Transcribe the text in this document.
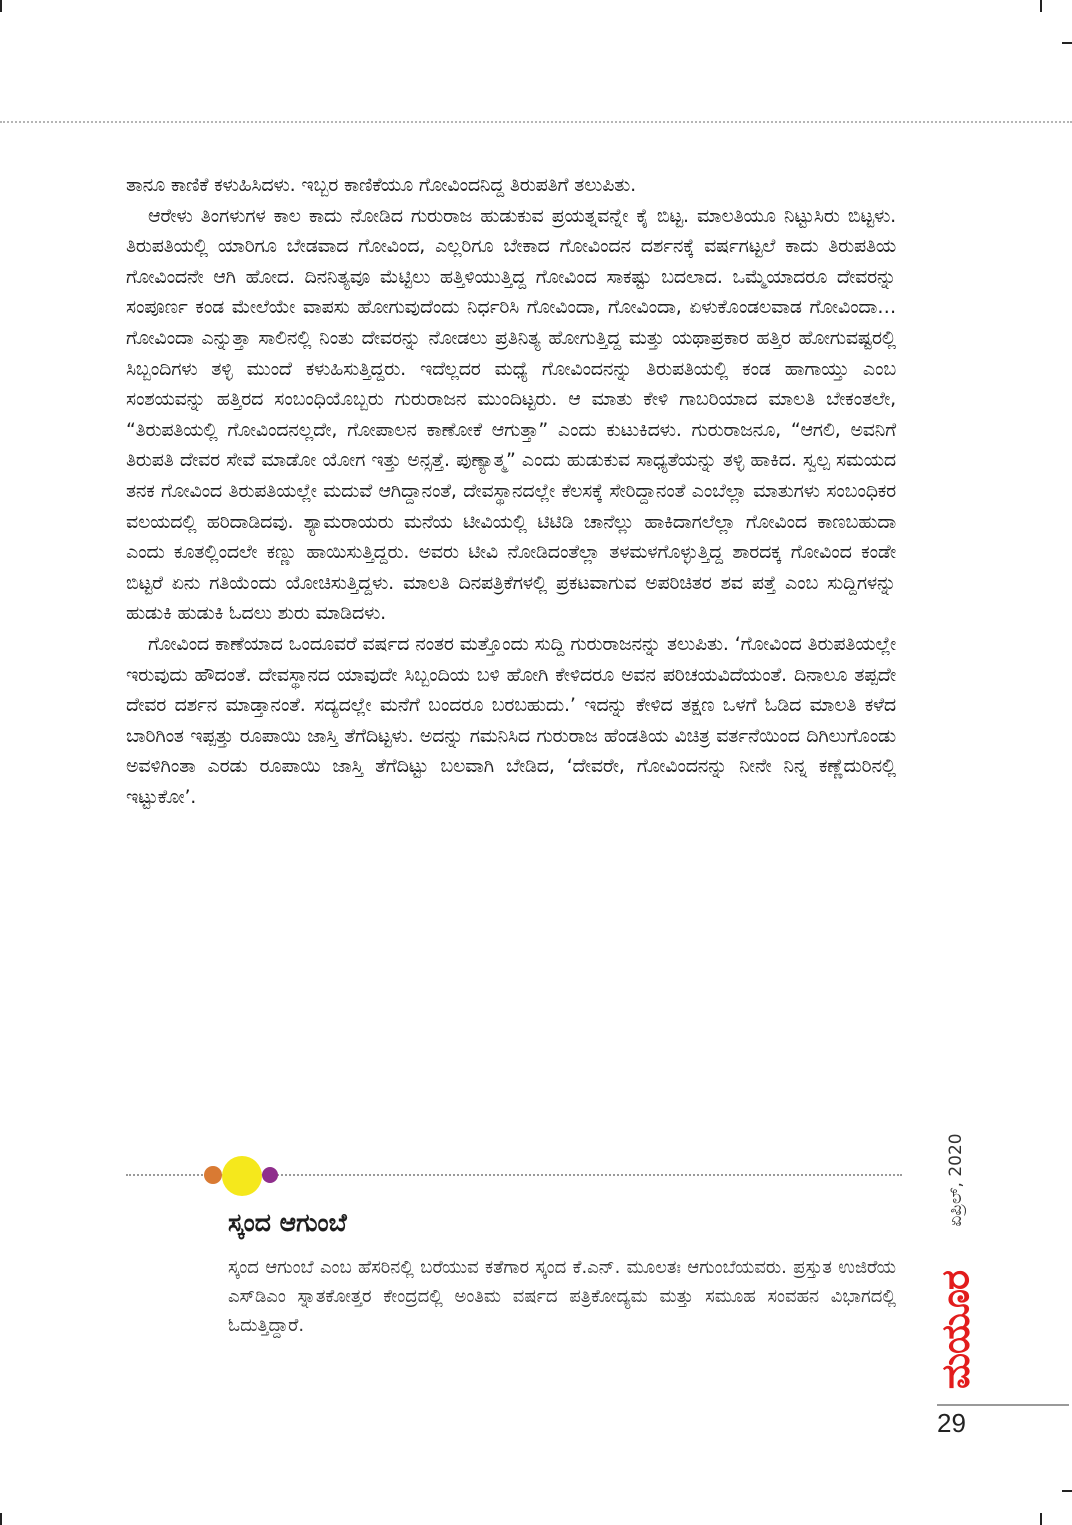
ತಾನೂ ಕಾಣಿಕೆ ಕಳುಹಿಸಿದಳು. ಇಬ್ಬರ ಕಾಣಿಕೆಯೂ ಗೋವಿಂದನಿದ್ದ ತಿರುಪತಿಗೆ ತಲುಪಿತು.

ಆರೇಳು ತಿಂಗಳುಗಳ ಕಾಲ ಕಾದು ನೋಡಿದ ಗುರುರಾಜ ಹುಡುಕುವ ಪ್ರಯತ್ನವನ್ನೇ ಕೈ ಬಿಟ್ಟ. ಮಾಲತಿಯೂ ನಿಟ್ಟುಸಿರು ಬಿಟ್ಟಳು. ತಿರುಪತಿಯಲ್ಲಿ ಯಾರಿಗೂ ಬೇಡವಾದ ಗೋವಿಂದ, ಎಲ್ಲರಿಗೂ ಬೇಕಾದ ಗೋವಿಂದನ ದರ್ಶನಕ್ಕೆ ವರ್ಷಗಟ್ಟಲೆ ಕಾದು ತಿರುಪತಿಯ ಗೋವಿಂದನೇ ಆಗಿ ಹೋದ. ದಿನನಿತ್ಯವೂ ಮೆಟ್ಟಿಲು ಹತ್ತಿಳಿಯುತ್ತಿದ್ದ ಗೋವಿಂದ ಸಾಕಷ್ಟು ಬದಲಾದ. ಒಮ್ಮೆಯಾದರೂ ದೇವರನ್ನು ಸಂಪೂರ್ಣ ಕಂಡ ಮೇಲೆಯೇ ವಾಪಸು ಹೋಗುವುದೆಂದು ನಿರ್ಧರಿಸಿ ಗೋವಿಂದಾ, ಗೋವಿಂದಾ, ಏಳುಕೊಂಡಲವಾಡ ಗೋವಿಂದಾ… ಗೋವಿಂದಾ ಎನ್ನುತ್ತಾ ಸಾಲಿನಲ್ಲಿ ನಿಂತು ದೇವರನ್ನು ನೋಡಲು ಪ್ರತಿನಿತ್ಯ ಹೋಗುತ್ತಿದ್ದ ಮತ್ತು ಯಥಾಪ್ರಕಾರ ಹತ್ತಿರ ಹೋಗುವಷ್ಟರಲ್ಲಿ ಸಿಬ್ಬಂದಿಗಳು ತಳ್ಳಿ ಮುಂದೆ ಕಳುಹಿಸುತ್ತಿದ್ದರು. ಇದೆಲ್ಲದರ ಮಧ್ಯೆ ಗೋವಿಂದನನ್ನು ತಿರುಪತಿಯಲ್ಲಿ ಕಂಡ ಹಾಗಾಯ್ತು ಎಂಬ ಸಂಶಯವನ್ನು ಹತ್ತಿರದ ಸಂಬಂಧಿಯೊಬ್ಬರು ಗುರುರಾಜನ ಮುಂದಿಟ್ಟರು. ಆ ಮಾತು ಕೇಳಿ ಗಾಬರಿಯಾದ ಮಾಲತಿ ಬೇಕಂತಲೇ, “ತಿರುಪತಿಯಲ್ಲಿ ಗೋವಿಂದನಲ್ಲದೇ, ಗೋಪಾಲನ ಕಾಣೋಕೆ ಆಗುತ್ತಾ” ಎಂದು ಕುಟುಕಿದಳು. ಗುರುರಾಜನೂ, “ಆಗಲಿ, ಅವನಿಗೆ ತಿರುಪತಿ ದೇವರ ಸೇವೆ ಮಾಡೋ ಯೋಗ ಇತ್ತು ಅನ್ಸತ್ತೆ. ಪುಣ್ಯಾತ್ಮ” ಎಂದು ಹುಡುಕುವ ಸಾಧ್ಯತೆಯನ್ನು ತಳ್ಳಿ ಹಾಕಿದ. ಸ್ವಲ್ಪ ಸಮಯದ ತನಕ ಗೋವಿಂದ ತಿರುಪತಿಯಲ್ಲೇ ಮದುವೆ ಆಗಿದ್ದಾನಂತೆ, ದೇವಸ್ಥಾನದಲ್ಲೇ ಕೆಲಸಕ್ಕೆ ಸೇರಿದ್ದಾನಂತೆ ಎಂಬೆಲ್ಲಾ ಮಾತುಗಳು ಸಂಬಂಧಿಕರ ವಲಯದಲ್ಲಿ ಹರಿದಾಡಿದವು. ಶ್ಯಾಮರಾಯರು ಮನೆಯ ಟೀವಿಯಲ್ಲಿ ಟಿಟಿಡಿ ಚಾನೆಲ್ಲು ಹಾಕಿದಾಗಲೆಲ್ಲಾ ಗೋವಿಂದ ಕಾಣಬಹುದಾ ಎಂದು ಕೂತಲ್ಲಿಂದಲೇ ಕಣ್ಣು ಹಾಯಿಸುತ್ತಿದ್ದರು. ಅವರು ಟೀವಿ ನೋಡಿದಂತೆಲ್ಲಾ ತಳಮಳಗೊಳ್ಳುತ್ತಿದ್ದ ಶಾರದಕ್ಕ ಗೋವಿಂದ ಕಂಡೇ ಬಿಟ್ಟರೆ ಏನು ಗತಿಯೆಂದು ಯೋಚಿಸುತ್ತಿದ್ದಳು. ಮಾಲತಿ ದಿನಪತ್ರಿಕೆಗಳಲ್ಲಿ ಪ್ರಕಟವಾಗುವ ಅಪರಿಚಿತರ ಶವ ಪತ್ತೆ ಎಂಬ ಸುದ್ದಿಗಳನ್ನು ಹುಡುಕಿ ಹುಡುಕಿ ಓದಲು ಶುರು ಮಾಡಿದಳು.

ಗೋವಿಂದ ಕಾಣೆಯಾದ ಒಂದೂವರೆ ವರ್ಷದ ನಂತರ ಮತ್ತೊಂದು ಸುದ್ದಿ ಗುರುರಾಜನನ್ನು ತಲುಪಿತು. ‘ಗೋವಿಂದ ತಿರುಪತಿಯಲ್ಲೇ ಇರುವುದು ಹೌದಂತೆ. ದೇವಸ್ಥಾನದ ಯಾವುದೇ ಸಿಬ್ಬಂದಿಯ ಬಳಿ ಹೋಗಿ ಕೇಳಿದರೂ ಅವನ ಪರಿಚಯವಿದೆಯಂತೆ. ದಿನಾಲೂ ತಪ್ಪದೇ ದೇವರ ದರ್ಶನ ಮಾಡ್ತಾನಂತೆ. ಸದ್ಯದಲ್ಲೇ ಮನೆಗೆ ಬಂದರೂ ಬರಬಹುದು.’ ಇದನ್ನು ಕೇಳಿದ ತಕ್ಷಣ ಒಳಗೆ ಓಡಿದ ಮಾಲತಿ ಕಳೆದ ಬಾರಿಗಿಂತ ಇಪ್ಪತ್ತು ರೂಪಾಯಿ ಜಾಸ್ತಿ ತೆಗೆದಿಟ್ಟಳು. ಅದನ್ನು ಗಮನಿಸಿದ ಗುರುರಾಜ ಹೆಂಡತಿಯ ವಿಚಿತ್ರ ವರ್ತನೆಯಿಂದ ದಿಗಿಲುಗೊಂಡು ಅವಳಿಗಿಂತಾ ಎರಡು ರೂಪಾಯಿ ಜಾಸ್ತಿ ತೆಗೆದಿಟ್ಟು ಬಲವಾಗಿ ಬೇಡಿದ, ‘ದೇವರೇ, ಗೋವಿಂದನನ್ನು ನೀನೇ ನಿನ್ನ ಕಣ್ಣೆದುರಿನಲ್ಲಿ ಇಟ್ಟುಕೋ’.

ಸ್ಕಂದ ಆಗುಂಬೆ
ಸ್ಕಂದ ಆಗುಂಬೆ ಎಂಬ ಹೆಸರಿನಲ್ಲಿ ಬರೆಯುವ ಕತೆಗಾರ ಸ್ಕಂದ ಕೆ.ಎನ್. ಮೂಲತಃ ಆಗುಂಬೆಯವರು. ಪ್ರಸ್ತುತ ಉಜಿರೆಯ ಎಸ್‌ಡಿಎಂ ಸ್ನಾತಕೋತ್ತರ ಕೇಂದ್ರದಲ್ಲಿ ಅಂತಿಮ ವರ್ಷದ ಪತ್ರಿಕೋದ್ಯಮ ಮತ್ತು ಸಮೂಹ ಸಂವಹನ ವಿಭಾಗದಲ್ಲಿ ಓದುತ್ತಿದ್ದಾರೆ.
ಏಪ್ರಿಲ್, 2020
ಮಯೂರ
29
